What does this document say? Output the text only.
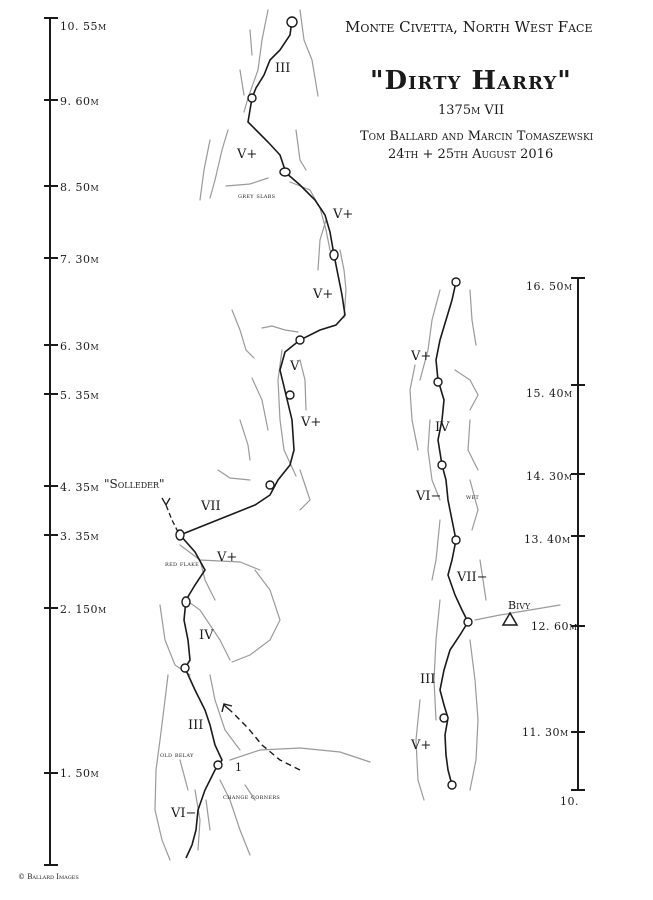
Monte Civetta, North West Face
"Dirty Harry"
1375m VII
Tom Ballard and Marcin Tomaszewski
24th + 25th August 2016
1. 50m
2. 150m
3. 35m
4. 35m
5. 35m
6. 30m
7. 30m
8. 50m
9. 60m
10. 55m
10.
11. 30m
12. 60m
13. 40m
14. 30m
15. 40m
16. 50m
III
V+
V+
V+
V
V+
VII
V+
IV
III
VI−
V+
IV
VI−
VII−
III
V+
grey slabs
"Solleder"
red flake
old belay
change corners
1
wet
Bivy
© Ballard Images
